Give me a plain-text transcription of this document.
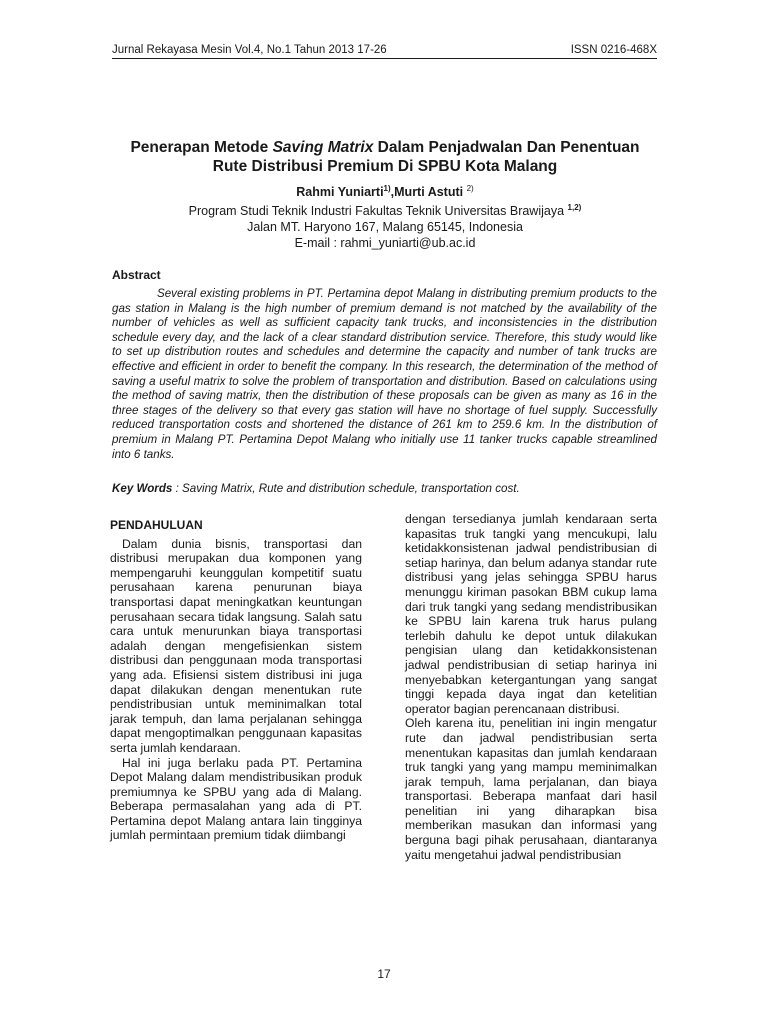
Jurnal Rekayasa Mesin Vol.4, No.1 Tahun 2013 17-26	ISSN 0216-468X
Penerapan Metode Saving Matrix Dalam Penjadwalan Dan Penentuan
Rute Distribusi Premium Di SPBU Kota Malang
Rahmi Yuniarti$^{1)}$,Murti Astuti $^{2)}$
Program Studi Teknik Industri Fakultas Teknik Universitas Brawijaya $^{1,2)}$
Jalan MT. Haryono 167, Malang 65145, Indonesia
E-mail : rahmi_yuniarti@ub.ac.id
Abstract
Several existing problems in PT. Pertamina depot Malang in distributing premium products to the gas station in Malang is the high number of premium demand is not matched by the availability of the number of vehicles as well as sufficient capacity tank trucks, and inconsistencies in the distribution schedule every day, and the lack of a clear standard distribution service. Therefore, this study would like to set up distribution routes and schedules and determine the capacity and number of tank trucks are effective and efficient in order to benefit the company. In this research, the determination of the method of saving a useful matrix to solve the problem of transportation and distribution. Based on calculations using the method of saving matrix, then the distribution of these proposals can be given as many as 16 in the three stages of the delivery so that every gas station will have no shortage of fuel supply. Successfully reduced transportation costs and shortened the distance of 261 km to 259.6 km. In the distribution of premium in Malang PT. Pertamina Depot Malang who initially use 11 tanker trucks capable streamlined into 6 tanks.
Key Words : Saving Matrix, Rute and distribution schedule, transportation cost.
PENDAHULUAN

Dalam dunia bisnis, transportasi dan distribusi merupakan dua komponen yang mempengaruhi keunggulan kompetitif suatu perusahaan karena penurunan biaya transportasi dapat meningkatkan keuntungan perusahaan secara tidak langsung. Salah satu cara untuk menurunkan biaya transportasi adalah dengan mengefisienkan sistem distribusi dan penggunaan moda transportasi yang ada. Efisiensi sistem distribusi ini juga dapat dilakukan dengan menentukan rute pendistribusian untuk meminimalkan total jarak tempuh, dan lama perjalanan sehingga dapat mengoptimalkan penggunaan kapasitas serta jumlah kendaraan.

Hal ini juga berlaku pada PT. Pertamina Depot Malang dalam mendistribusikan produk premiumnya ke SPBU yang ada di Malang. Beberapa permasalahan yang ada di PT. Pertamina depot Malang antara lain tingginya jumlah permintaan premium tidak diimbangi

dengan tersedianya jumlah kendaraan serta kapasitas truk tangki yang mencukupi, lalu ketidakkonsistenan jadwal pendistribusian di setiap harinya, dan belum adanya standar rute distribusi yang jelas sehingga SPBU harus menunggu kiriman pasokan BBM cukup lama dari truk tangki yang sedang mendistribusikan ke SPBU lain karena truk harus pulang terlebih dahulu ke depot untuk dilakukan pengisian ulang dan ketidakkonsistenan jadwal pendistribusian di setiap harinya ini menyebabkan ketergantungan yang sangat tinggi kepada daya ingat dan ketelitian operator bagian perencanaan distribusi.

Oleh karena itu, penelitian ini ingin mengatur rute dan jadwal pendistribusian serta menentukan kapasitas dan jumlah kendaraan truk tangki yang yang mampu meminimalkan jarak tempuh, lama perjalanan, dan biaya transportasi. Beberapa manfaat dari hasil penelitian ini yang diharapkan bisa memberikan masukan dan informasi yang berguna bagi pihak perusahaan, diantaranya yaitu mengetahui jadwal pendistribusian

17
